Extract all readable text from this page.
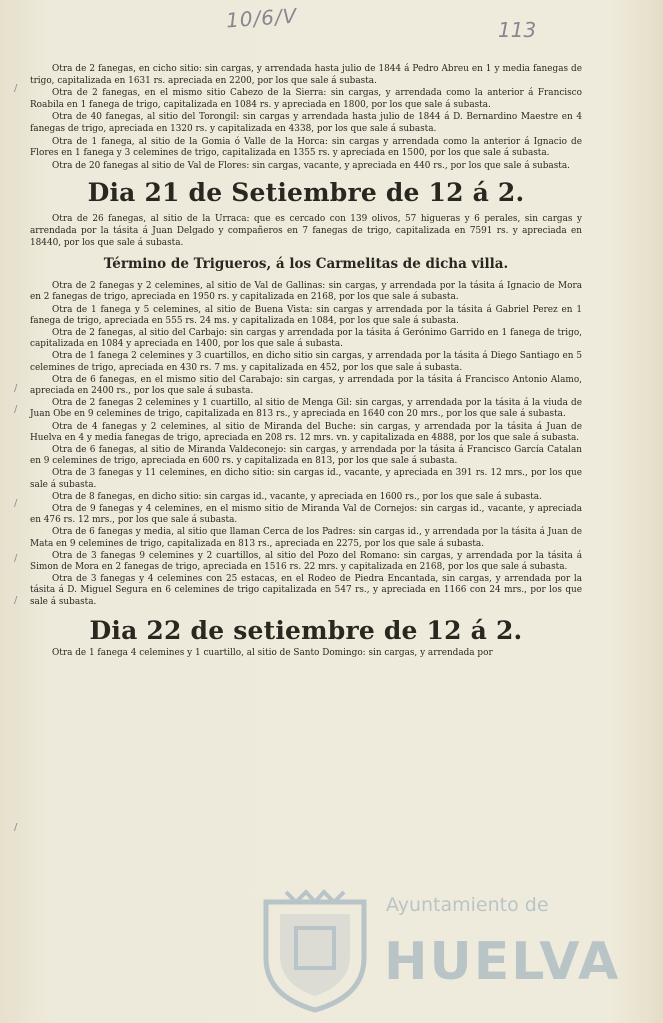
10/6/V	113
/
/
/
/
/
/
/

Otra de 2 fanegas, en cicho sitio: sin cargas, y arrendada hasta julio de 1844 á Pedro Abreu en 1 y media fanegas de trigo, capitalizada en 1631 rs. apreciada en 2200, por los que sale á subasta.

Otra de 2 fanegas, en el mismo sitio Cabezo de la Sierra: sin cargas, y arrendada como la anterior á Francisco Roabila en 1 fanega de trigo, capitalizada en 1084 rs. y apreciada en 1800, por los que sale á subasta.

Otra de 40 fanegas, al sitio del Torongil: sin cargas y arrendada hasta julio de 1844 á D. Bernardino Maestre en 4 fanegas de trigo, apreciada en 1320 rs. y capitalizada en 4338, por los que sale á subasta.

Otra de 1 fanega, al sitio de la Gomia ó Valle de la Horca: sin cargas y arrendada como la anterior á Ignacio de Flores en 1 fanega y 3 celemines de trigo, capitalizada en 1355 rs. y apreciada en 1500, por los que sale á subasta.

Otra de 20 fanegas al sitio de Val de Flores: sin cargas, vacante, y apreciada en 440 rs., por los que sale á subasta.

Dia 21 de Setiembre de 12 á 2.

Otra de 26 fanegas, al sitio de la Urraca: que es cercado con 139 olivos, 57 higueras y 6 perales, sin cargas y arrendada por la tásita á Juan Delgado y compañeros en 7 fanegas de trigo, capitalizada en 7591 rs. y apreciada en 18440, por los que sale á subasta.

Término de Trigueros, á los Carmelitas de dicha villa.

Otra de 2 fanegas y 2 celemines, al sitio de Val de Gallinas: sin cargas, y arrendada por la tásita á Ignacio de Mora en 2 fanegas de trigo, apreciada en 1950 rs. y capitalizada en 2168, por los que sale á subasta.

Otra de 1 fanega y 5 celemines, al sitio de Buena Vista: sin cargas y arrendada por la tásita á Gabriel Perez en 1 fanega de trigo, apreciada en 555 rs. 24 ms. y capitalizada en 1084, por los que sale á subasta.

Otra de 2 fanegas, al sitio del Carbajo: sin cargas y arrendada por la tásita á Gerónimo Garrido en 1 fanega de trigo, capitalizada en 1084 y apreciada en 1400, por los que sale á subasta.

Otra de 1 fanega 2 celemines y 3 cuartillos, en dicho sitio sin cargas, y arrendada por la tásita á Diego Santiago en 5 celemines de trigo, apreciada en 430 rs. 7 ms. y capitalizada en 452, por los que sale á subasta.

Otra de 6 fanegas, en el mismo sitio del Carabajo: sin cargas, y arrendada por la tásita á Francisco Antonio Alamo, apreciada en 2400 rs., por los que sale á subasta.

Otra de 2 fanegas 2 celemines y 1 cuartillo, al sitio de Menga Gil: sin cargas, y arrendada por la tásita á la viuda de Juan Obe en 9 celemines de trigo, capitalizada en 813 rs., y apreciada en 1640 con 20 mrs., por los que sale á subasta.

Otra de 4 fanegas y 2 celemines, al sitio de Miranda del Buche: sin cargas, y arrendada por la tásita á Juan de Huelva en 4 y media fanegas de trigo, apreciada en 208 rs. 12 mrs. vn. y capitalizada en 4888, por los que sale á subasta.

Otra de 6 fanegas, al sitio de Miranda Valdeconejo: sin cargas, y arrendada por la tásita á Francisco García Catalan en 9 celemines de trigo, apreciada en 600 rs. y capitalizada en 813, por los que sale á subasta.

Otra de 3 fanegas y 11 celemines, en dicho sitio: sin cargas id., vacante, y apreciada en 391 rs. 12 mrs., por los que sale á subasta.

Otra de 8 fanegas, en dicho sitio: sin cargas id., vacante, y apreciada en 1600 rs., por los que sale á subasta.

Otra de 9 fanegas y 4 celemines, en el mismo sitio de Miranda Val de Cornejos: sin cargas id., vacante, y apreciada en 476 rs. 12 mrs., por los que sale á subasta.

Otra de 6 fanegas y media, al sitio que llaman Cerca de los Padres: sin cargas id., y arrendada por la tásita á Juan de Mata en 9 celemines de trigo, capitalizada en 813 rs., apreciada en 2275, por los que sale á subasta.

Otra de 3 fanegas 9 celemines y 2 cuartillos, al sitio del Pozo del Romano: sin cargas, y arrendada por la tásita á Simon de Mora en 2 fanegas de trigo, apreciada en 1516 rs. 22 mrs. y capitalizada en 2168, por los que sale á subasta.

Otra de 3 fanegas y 4 celemines con 25 estacas, en el Rodeo de Piedra Encantada, sin cargas, y arrendada por la tásita á D. Miguel Segura en 6 celemines de trigo capitalizada en 547 rs., y apreciada en 1166 con 24 mrs., por los que sale á subasta.

Dia 22 de setiembre de 12 á 2.

Otra de 1 fanega 4 celemines y 1 cuartillo, al sitio de Santo Domingo: sin cargas, y arrendada por

Ayuntamiento de
HUELVA
